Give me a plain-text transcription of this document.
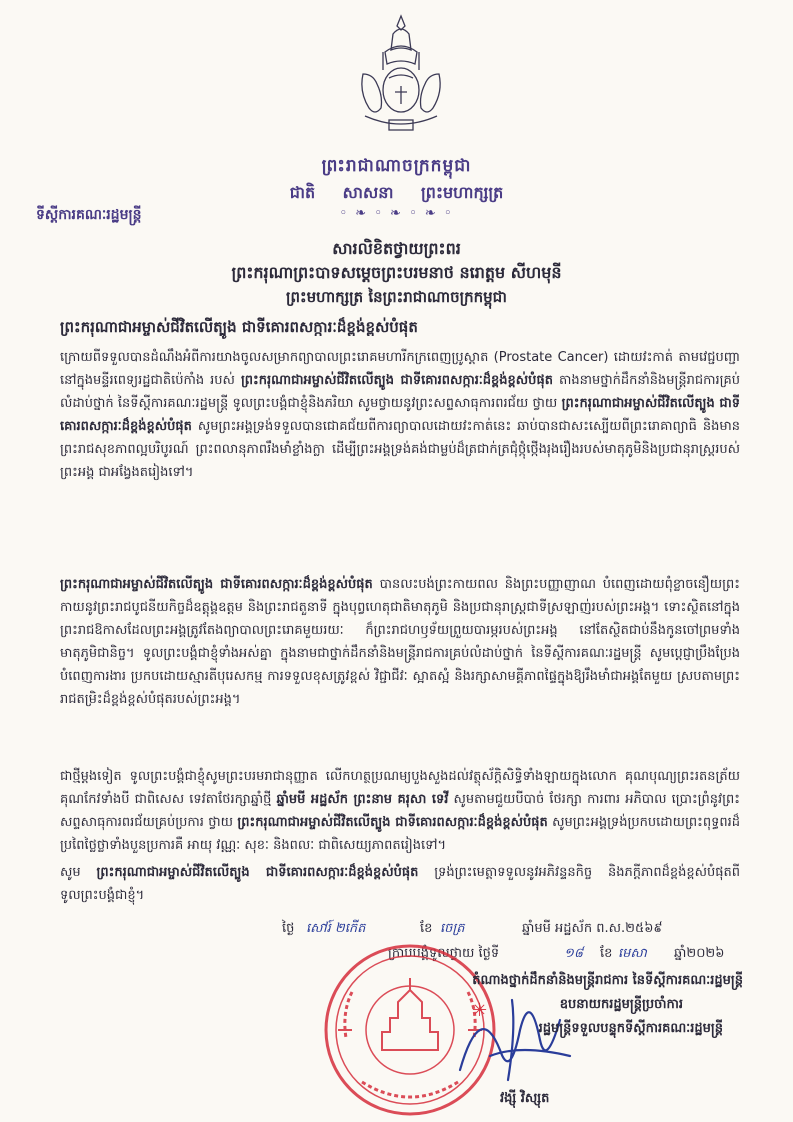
ព្រះរាជាណាចក្រកម្ពុជា
ជាតិ សាសនា ព្រះមហាក្សត្រ
◦ ❧ ◦ ❧ ◦ ❧ ◦
ទីស្តីការគណៈរដ្ឋមន្ត្រី
សារលិខិតថ្វាយព្រះពរ
ព្រះករុណាព្រះបាទសម្តេចព្រះបរមនាថ នរោត្តម សីហមុនី
ព្រះមហាក្សត្រ នៃព្រះរាជាណាចក្រកម្ពុជា
ព្រះករុណាជាអម្ចាស់ជីវិតលើត្បូង ជាទីគោរពសក្ការៈដ៏ខ្ពង់ខ្ពស់បំផុត

ក្រោយពីទទួលបានដំណឹងអំពីការយាងចូលសម្រាកព្យាបាលព្រះរោគមហារីកក្រពេញប្រូស្តាត (Prostate Cancer) ដោយវះកាត់ តាមវេជ្ជបញ្ជា នៅក្នុងមន្ទីរពេទ្យរដ្ឋជាតិប៉េកាំង របស់ ព្រះករុណាជាអម្ចាស់ជីវិតលើត្បូង ជាទីគោរពសក្ការៈដ៏ខ្ពង់ខ្ពស់បំផុត តាងនាមថ្នាក់ដឹកនាំនិងមន្ត្រីរាជការគ្រប់លំដាប់ថ្នាក់ នៃទីស្តីការគណៈរដ្ឋមន្ត្រី ទូលព្រះបង្គំជាខ្ញុំនិងភរិយា សូមថ្វាយនូវព្រះសព្ទសាធុការពរជ័យ ថ្វាយ ព្រះករុណាជាអម្ចាស់ជីវិតលើត្បូង ជាទីគោរពសក្ការៈដ៏ខ្ពង់ខ្ពស់បំផុត សូមព្រះអង្គទ្រង់ទទួលបានជោគជ័យពីការព្យាបាលដោយវះកាត់នេះ ឆាប់បានជាសះស្បើយពីព្រះរោគាព្យាធិ និងមានព្រះរាជសុខភាពល្អបរិបូរណ៍ ព្រះពលានុភាពរឹងមាំខ្លាំងក្លា ដើម្បីព្រះអង្គទ្រង់គង់ជាម្លប់ដ៏ត្រជាក់ត្រជុំថ្កុំថ្កើងរុងរឿងរបស់មាតុភូមិនិងប្រជានុរាស្ត្ររបស់ព្រះអង្គ ជាអង្វែងតរៀងទៅ។

ព្រះករុណាជាអម្ចាស់ជីវិតលើត្បូង ជាទីគោរពសក្ការៈដ៏ខ្ពង់ខ្ពស់បំផុត បានលះបង់ព្រះកាយពល និងព្រះបញ្ញាញាណ បំពេញដោយពុំខ្លាចនឿយព្រះកាយនូវព្រះរាជបូជនីយកិច្ចដ៏ឧត្តុង្គឧត្តម និងព្រះរាជតួនាទី ក្នុងបុព្វហេតុជាតិមាតុភូមិ និងប្រជានុរាស្ត្រជាទីស្រឡាញ់របស់ព្រះអង្គ។ ទោះស្ថិតនៅក្នុងព្រះរាជឱកាសដែលព្រះអង្គត្រូវតែងព្យាបាលព្រះរោគមួយរយៈ ក៏ព្រះរាជហឫទ័យព្រួយបារម្ភរបស់ព្រះអង្គ នៅតែស្ថិតជាប់នឹងកូនចៅព្រមទាំងមាតុភូមិជានិច្ច។ ទូលព្រះបង្គំជាខ្ញុំទាំងអស់គ្នា ក្នុងនាមជាថ្នាក់ដឹកនាំនិងមន្ត្រីរាជការគ្រប់លំដាប់ថ្នាក់ នៃទីស្តីការគណៈរដ្ឋមន្ត្រី សូមប្តេជ្ញាប្រឹងប្រែងបំពេញការងារ ប្រកបដោយស្មារតីបុរេសកម្ម ការទទួលខុសត្រូវខ្ពស់ វិជ្ជាជីវៈ ស្អាតស្អំ និងរក្សាសាមគ្គីភាពផ្ទៃក្នុងឱ្យរឹងមាំជាអង្គតែមួយ ស្របតាមព្រះរាជតម្រិះដ៏ខ្ពង់ខ្ពស់បំផុតរបស់ព្រះអង្គ។

ជាថ្មីម្តងទៀត ទូលព្រះបង្គំជាខ្ញុំសូមព្រះបរមរាជានុញ្ញាត លើកហត្ថប្រណម្យបួងសួងដល់វត្ថុស័ក្តិសិទ្ធិទាំងឡាយក្នុងលោក គុណបុណ្យព្រះរតនត្រ័យ គុណកែវទាំងបី ជាពិសេស ទេវតាថែរក្សាឆ្នាំថ្មី ឆ្នាំមមី អដ្ឋស័ក ព្រះនាម គរុសា ទេវី សូមតាមជួយបីបាច់ ថែរក្សា ការពារ អភិបាល ប្រោះព្រំនូវព្រះសព្ទសាធុការពរជ័យគ្រប់ប្រការ ថ្វាយ ព្រះករុណាជាអម្ចាស់ជីវិតលើត្បូង ជាទីគោរពសក្ការៈដ៏ខ្ពង់ខ្ពស់បំផុត សូមព្រះអង្គទ្រង់ប្រកបដោយព្រះពុទ្ធពរដ៏ប្រពៃថ្លៃថ្លាទាំងបួនប្រការគឺ អាយុ វណ្ណៈ សុខៈ និងពលៈ ជាពិសេយ្យភាពតរៀងទៅ។

សូម ព្រះករុណាជាអម្ចាស់ជីវិតលើត្បូង ជាទីគោរពសក្ការៈដ៏ខ្ពង់ខ្ពស់បំផុត ទ្រង់ព្រះមេត្តាទទួលនូវអភិវន្ទនកិច្ច និងភក្តីភាពដ៏ខ្ពង់ខ្ពស់បំផុតពីទូលព្រះបង្គំជាខ្ញុំ។

ថ្ងៃ សៅរ៍ ២កើត	ខែ ចេត្រ	ឆ្នាំមមី អដ្ឋស័ក ព.ស.២៥៦៩
ក្រាបបង្គំទូលថ្វាយ ថ្ងៃទី	១៨ ខែ មេសា ឆ្នាំ២០២៦
✳
តំណាងថ្នាក់ដឹកនាំនិងមន្ត្រីរាជការ នៃទីស្តីការគណៈរដ្ឋមន្ត្រី
ឧបនាយករដ្ឋមន្ត្រីប្រចាំការ
រដ្ឋមន្ត្រីទទួលបន្ទុកទីស្តីការគណៈរដ្ឋមន្ត្រី
វង្ស៊ី វិស្សុត
